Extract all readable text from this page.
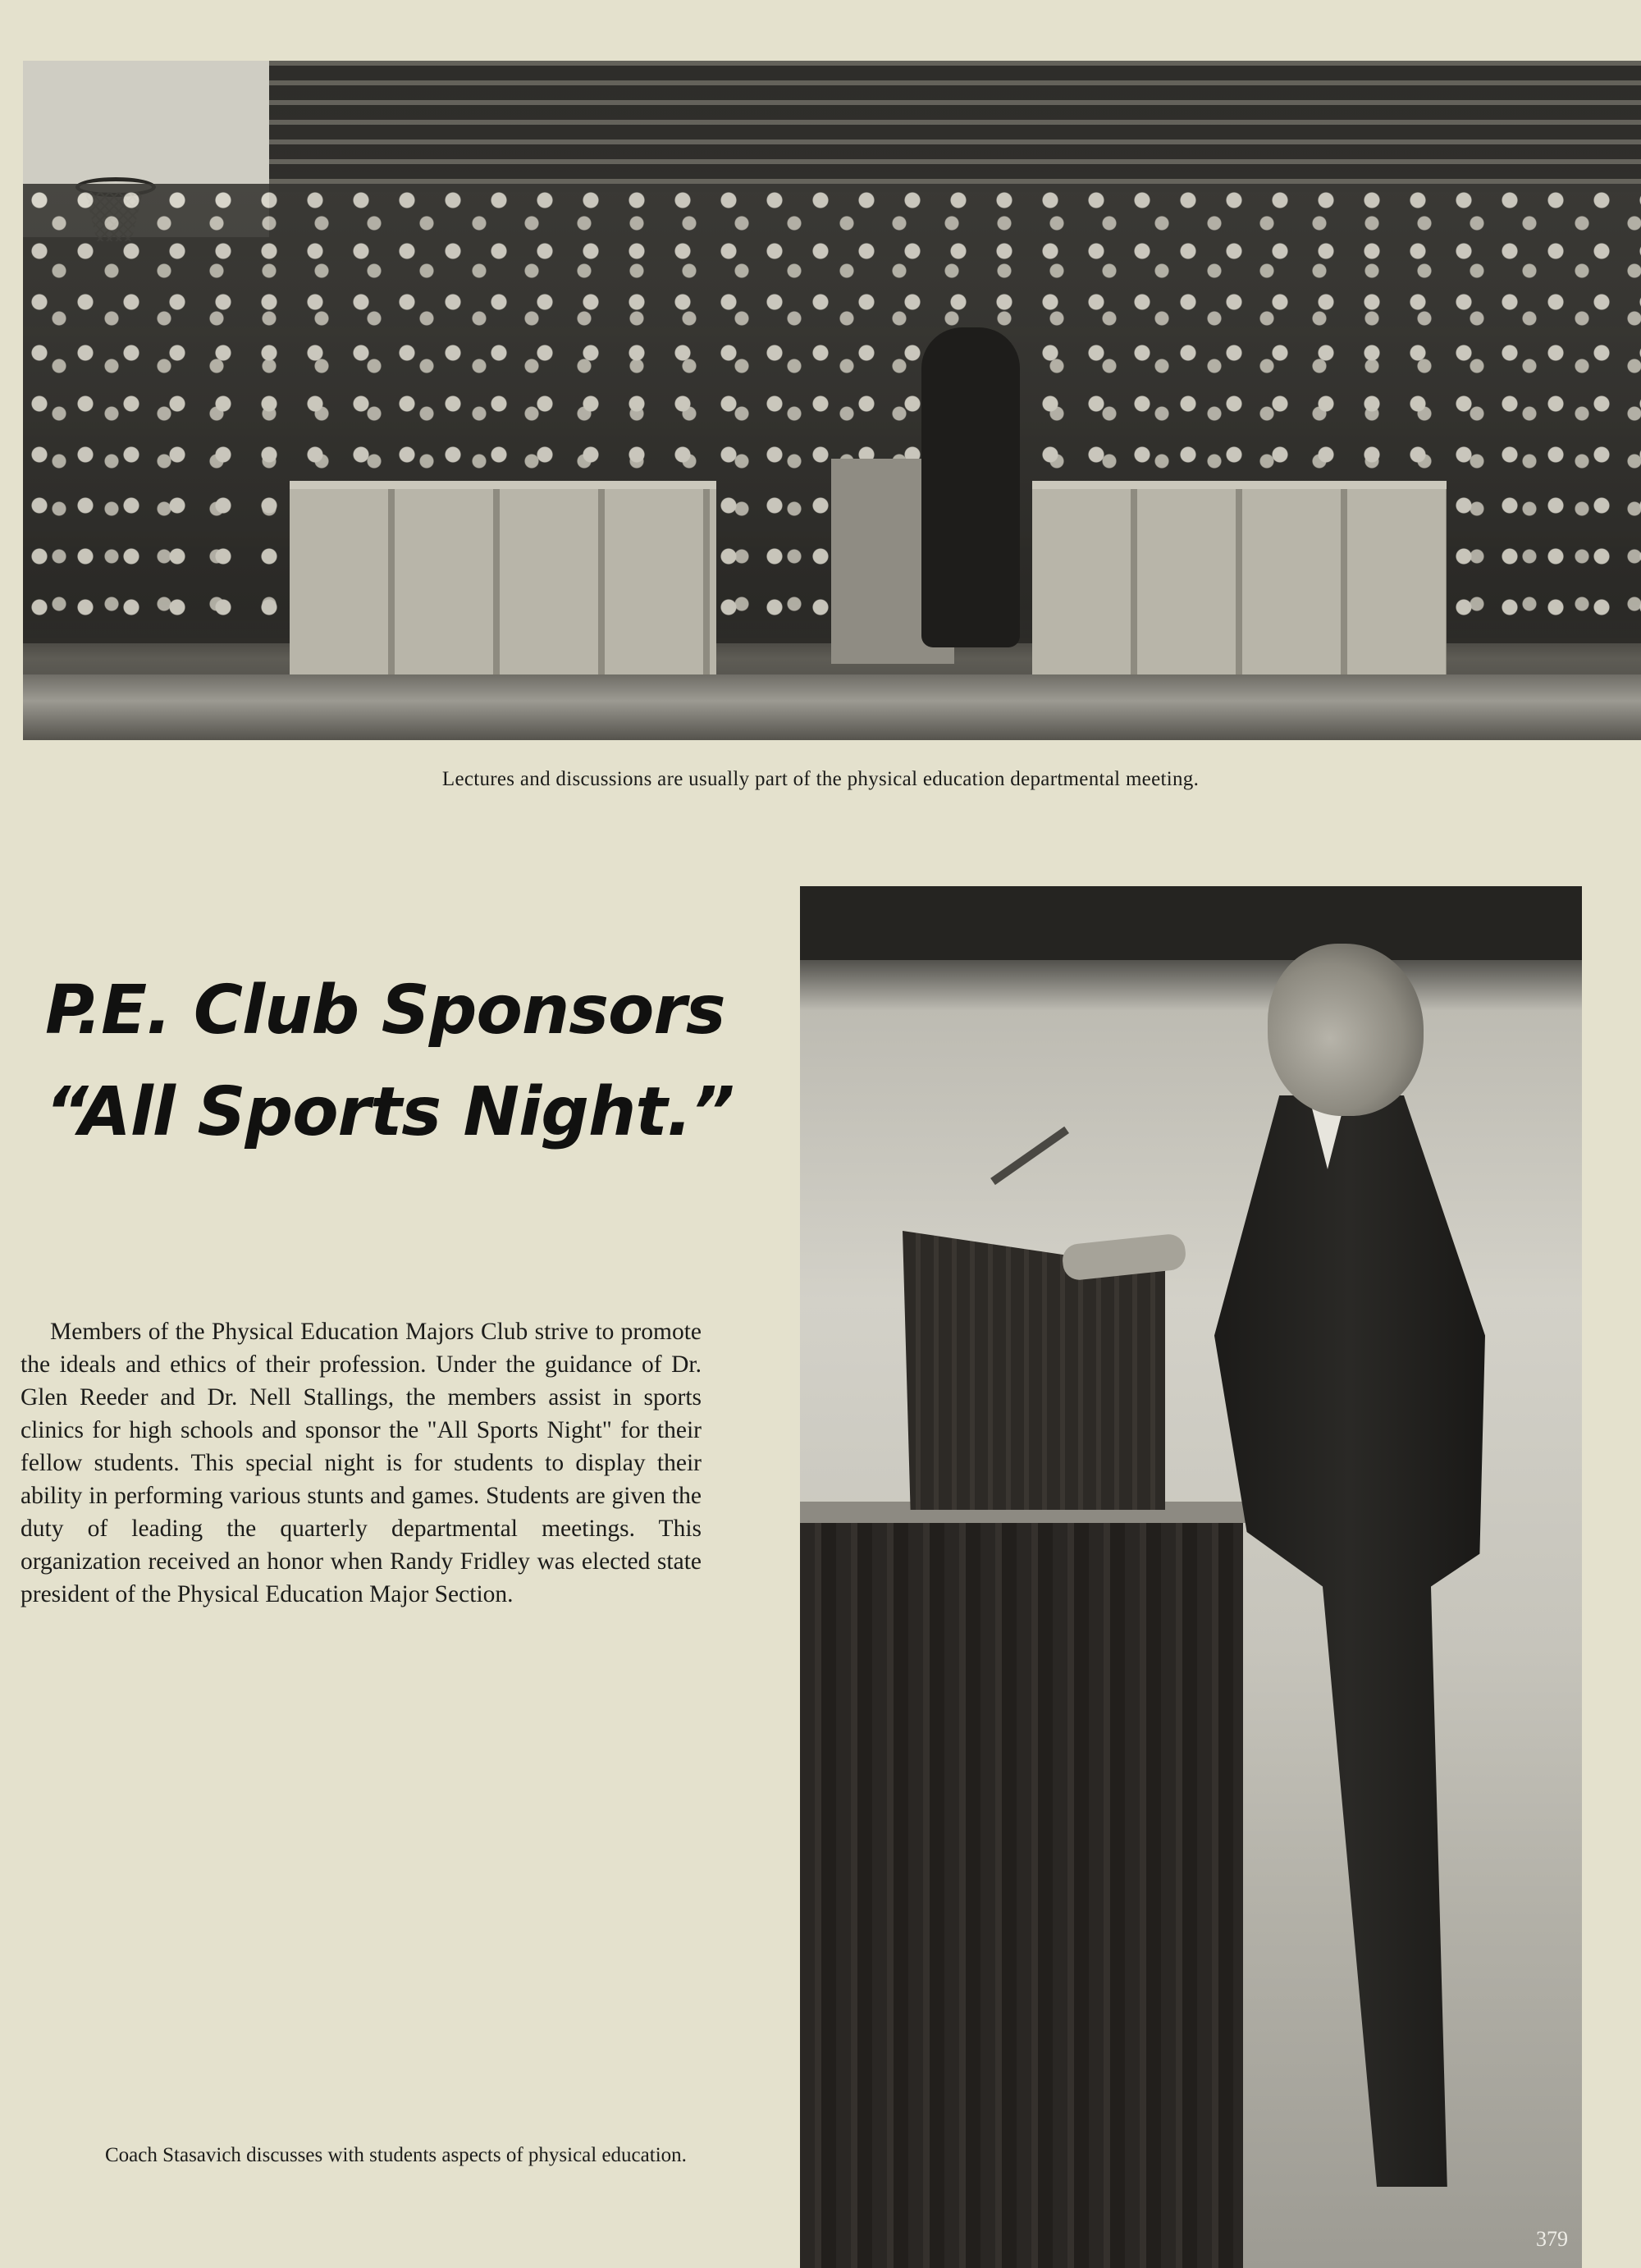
Lectures and discussions are usually part of the physical education departmental meeting.
P.E. Club Sponsors
“All Sports Night.”

Members of the Physical Education Majors Club strive to promote the ideals and ethics of their profession. Under the guidance of Dr. Glen Reeder and Dr. Nell Stallings, the members assist in sports clinics for high schools and sponsor the "All Sports Night" for their fellow students. This special night is for students to display their ability in performing various stunts and games. Students are given the duty of leading the quarterly departmental meetings. This organization received an honor when Randy Fridley was elected state president of the Physical Education Major Section.

Coach Stasavich discusses with students aspects of physical education.

379
